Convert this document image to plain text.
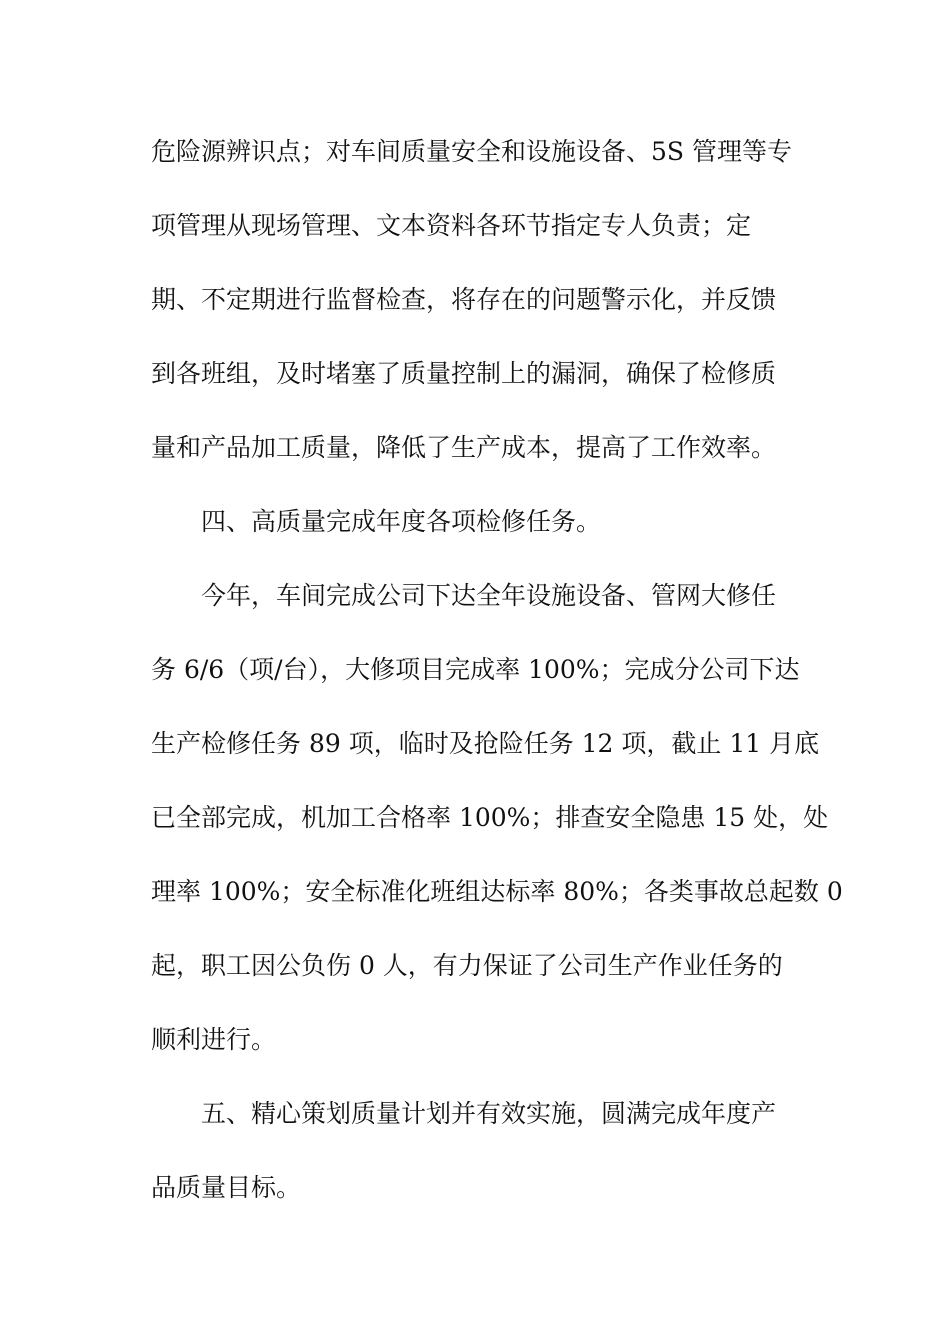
危险源辨识点；对车间质量安全和设施设备、5S 管理等专
项管理从现场管理、文本资料各环节指定专人负责；定
期、不定期进行监督检查，将存在的问题警示化，并反馈
到各班组，及时堵塞了质量控制上的漏洞，确保了检修质
量和产品加工质量，降低了生产成本，提高了工作效率。
四、高质量完成年度各项检修任务。
今年，车间完成公司下达全年设施设备、管网大修任
务 6/6（项/台），大修项目完成率 100%；完成分公司下达
生产检修任务 89 项，临时及抢险任务 12 项，截止 11 月底
已全部完成，机加工合格率 100%；排查安全隐患 15 处，处
理率 100%；安全标准化班组达标率 80%；各类事故总起数 0
起，职工因公负伤 0 人，有力保证了公司生产作业任务的
顺利进行。
五、精心策划质量计划并有效实施，圆满完成年度产
品质量目标。
